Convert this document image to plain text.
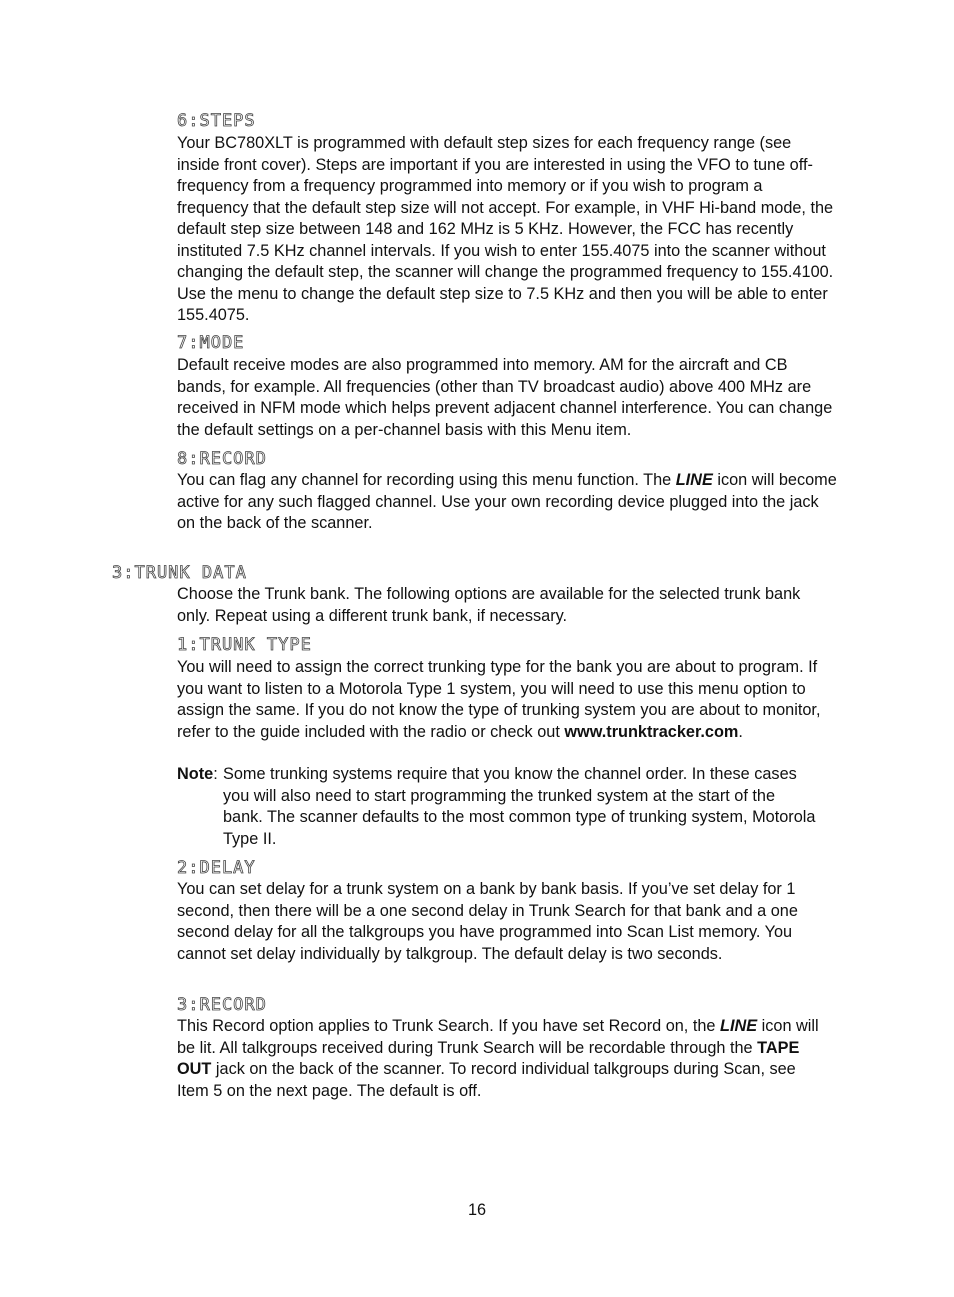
6:STEPS

Your BC780XLT is programmed with default step sizes for each frequency range (see inside front cover). Steps are important if you are interested in using the VFO to tune off-frequency from a frequency programmed into memory or if you wish to program a frequency that the default step size will not accept. For example, in VHF Hi-band mode, the default step size between 148 and 162 MHz is 5 KHz. However, the FCC has recently instituted 7.5 KHz channel intervals. If you wish to enter 155.4075 into the scanner without changing the default step, the scanner will change the programmed frequency to 155.4100. Use the menu to change the default step size to 7.5 KHz and then you will be able to enter 155.4075.

7:MODE

Default receive modes are also programmed into memory. AM for the aircraft and CB bands, for example. All frequencies (other than TV broadcast audio) above 400 MHz are received in NFM mode which helps prevent adjacent channel interference. You can change the default settings on a per-channel basis with this Menu item.

8:RECORD

You can flag any channel for recording using this menu function. The LINE icon will become active for any such flagged channel. Use your own recording device plugged into the jack on the back of the scanner.

3:TRUNK DATA

Choose the Trunk bank. The following options are available for the selected trunk bank only. Repeat using a different trunk bank, if necessary.

1:TRUNK TYPE

You will need to assign the correct trunking type for the bank you are about to program. If you want to listen to a Motorola Type 1 system, you will need to use this menu option to assign the same. If you do not know the type of trunking system you are about to monitor, refer to the guide included with the radio or check out www.trunktracker.com.

Note: Some trunking systems require that you know the channel order. In these cases you will also need to start programming the trunked system at the start of the bank. The scanner defaults to the most common type of trunking system, Motorola Type II.
2:DELAY

You can set delay for a trunk system on a bank by bank basis. If you’ve set delay for 1 second, then there will be a one second delay in Trunk Search for that bank and a one second delay for all the talkgroups you have programmed into Scan List memory. You cannot set delay individually by talkgroup. The default delay is two seconds.

3:RECORD

This Record option applies to Trunk Search. If you have set Record on, the LINE icon will be lit. All talkgroups received during Trunk Search will be recordable through the TAPE OUT jack on the back of the scanner. To record individual talkgroups during Scan, see Item 5 on the next page. The default is off.

16
